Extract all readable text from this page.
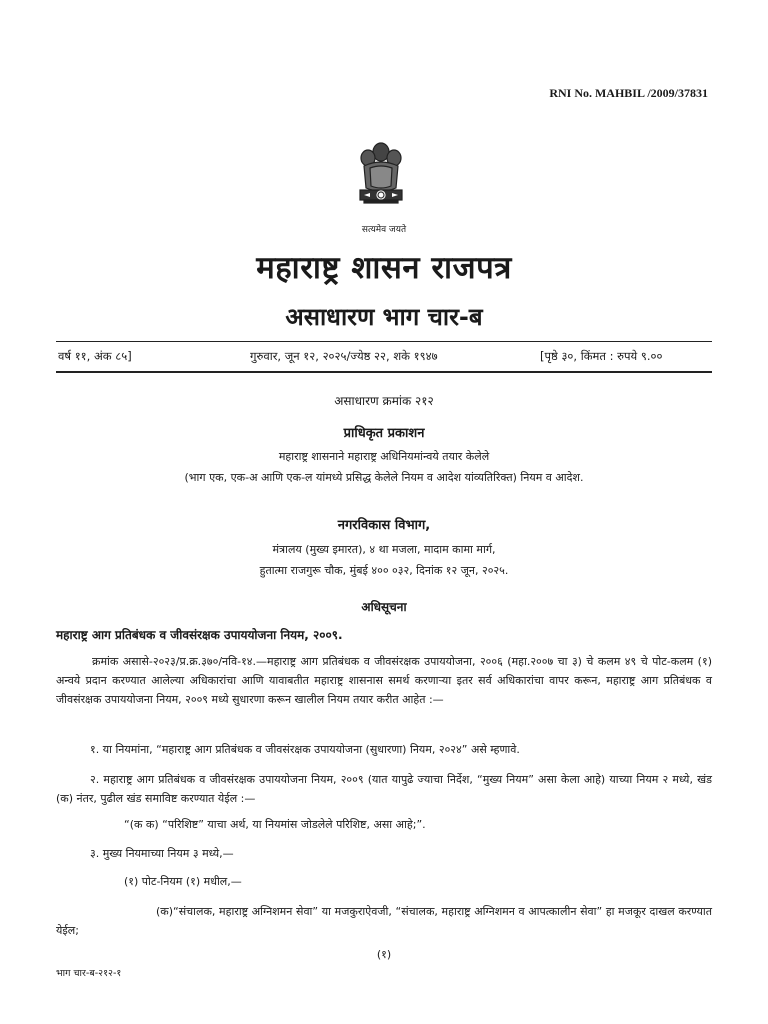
RNI No. MAHBIL /2009/37831
सत्यमेव जयते
महाराष्ट्र शासन राजपत्र
असाधारण भाग चार-ब
वर्ष ११, अंक ८५]	गुरुवार, जून १२, २०२५/ज्येष्ठ २२, शके १९४७	[पृष्ठे ३०, किंमत : रुपये ९.००
असाधारण क्रमांक २१२
प्राधिकृत प्रकाशन
महाराष्ट्र शासनाने महाराष्ट्र अधिनियमांन्वये तयार केलेले
(भाग एक, एक-अ आणि एक-ल यांमध्ये प्रसिद्ध केलेले नियम व आदेश यांव्यतिरिक्त) नियम व आदेश.
नगरविकास विभाग,
मंत्रालय (मुख्य इमारत), ४ था मजला, मादाम कामा मार्ग,
हुतात्मा राजगुरू चौक, मुंबई ४०० ०३२, दिनांक १२ जून, २०२५.
अधिसूचना
महाराष्ट्र आग प्रतिबंधक व जीवसंरक्षक उपाययोजना नियम, २००९.
क्रमांक असासे-२०२३/प्र.क्र.३७०/नवि-१४.—महाराष्ट्र आग प्रतिबंधक व जीवसंरक्षक उपाययोजना, २००६ (महा.२००७ चा ३) चे कलम ४९ चे पोट-कलम (१) अन्वये प्रदान करण्यात आलेल्या अधिकारांचा आणि यावाबतीत महाराष्ट्र शासनास समर्थ करणाऱ्या इतर सर्व अधिकारांचा वापर करून, महाराष्ट्र आग प्रतिबंधक व जीवसंरक्षक उपाययोजना नियम, २००९ मध्ये सुधारणा करून खालील नियम तयार करीत आहेत :—
१. या नियमांना, “महाराष्ट्र आग प्रतिबंधक व जीवसंरक्षक उपाययोजना (सुधारणा) नियम, २०२४” असे म्हणावे.
२. महाराष्ट्र आग प्रतिबंधक व जीवसंरक्षक उपाययोजना नियम, २००९ (यात यापुढे ज्याचा निर्देश, “मुख्य नियम” असा केला आहे) याच्या नियम २ मध्ये, खंड (क) नंतर, पुढील खंड समाविष्ट करण्यात येईल :—
“(क क) “परिशिष्ट” याचा अर्थ, या नियमांस जोडलेले परिशिष्ट, असा आहे;”.
३. मुख्य नियमाच्या नियम ३ मध्ये,—
(१) पोट-नियम (१) मधील,—
(क)“संचालक, महाराष्ट्र अग्निशमन सेवा” या मजकुराऐवजी, “संचालक, महाराष्ट्र अग्निशमन व आपत्कालीन सेवा” हा मजकूर दाखल करण्यात येईल;
(१)
भाग चार-ब-२१२-१
